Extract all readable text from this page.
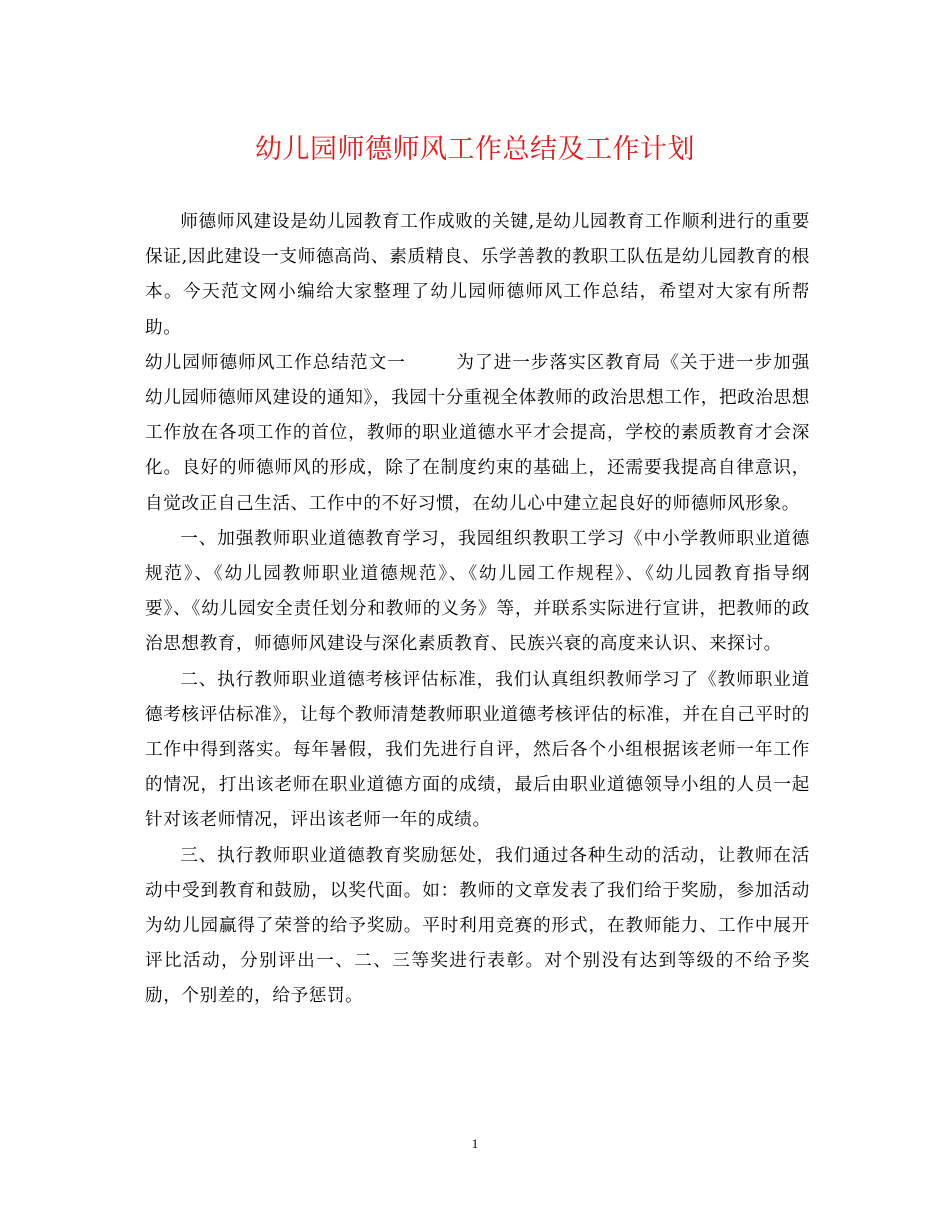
幼儿园师德师风工作总结及工作计划

师德师风建设是幼儿园教育工作成败的关键,是幼儿园教育工作顺利进行的重要保证,因此建设一支师德高尚、素质精良、乐学善教的教职工队伍是幼儿园教育的根本。今天范文网小编给大家整理了幼儿园师德师风工作总结，希望对大家有所帮助。

幼儿园师德师风工作总结范文一	为了进一步落实区教育局《关于进一步加强幼儿园师德师风建设的通知》，我园十分重视全体教师的政治思想工作，把政治思想工作放在各项工作的首位，教师的职业道德水平才会提高，学校的素质教育才会深化。良好的师德师风的形成，除了在制度约束的基础上，还需要我提高自律意识，自觉改正自己生活、工作中的不好习惯，在幼儿心中建立起良好的师德师风形象。

一、加强教师职业道德教育学习，我园组织教职工学习《中小学教师职业道德规范》、《幼儿园教师职业道德规范》、《幼儿园工作规程》、《幼儿园教育指导纲要》、《幼儿园安全责任划分和教师的义务》等，并联系实际进行宣讲，把教师的政治思想教育，师德师风建设与深化素质教育、民族兴衰的高度来认识、来探讨。

二、执行教师职业道德考核评估标准，我们认真组织教师学习了《教师职业道德考核评估标准》，让每个教师清楚教师职业道德考核评估的标准，并在自己平时的工作中得到落实。每年暑假，我们先进行自评，然后各个小组根据该老师一年工作的情况，打出该老师在职业道德方面的成绩，最后由职业道德领导小组的人员一起针对该老师情况，评出该老师一年的成绩。

三、执行教师职业道德教育奖励惩处，我们通过各种生动的活动，让教师在活动中受到教育和鼓励，以奖代面。如：教师的文章发表了我们给于奖励，参加活动为幼儿园赢得了荣誉的给予奖励。平时利用竞赛的形式，在教师能力、工作中展开评比活动，分别评出一、二、三等奖进行表彰。对个别没有达到等级的不给予奖励，个别差的，给予惩罚。

1
